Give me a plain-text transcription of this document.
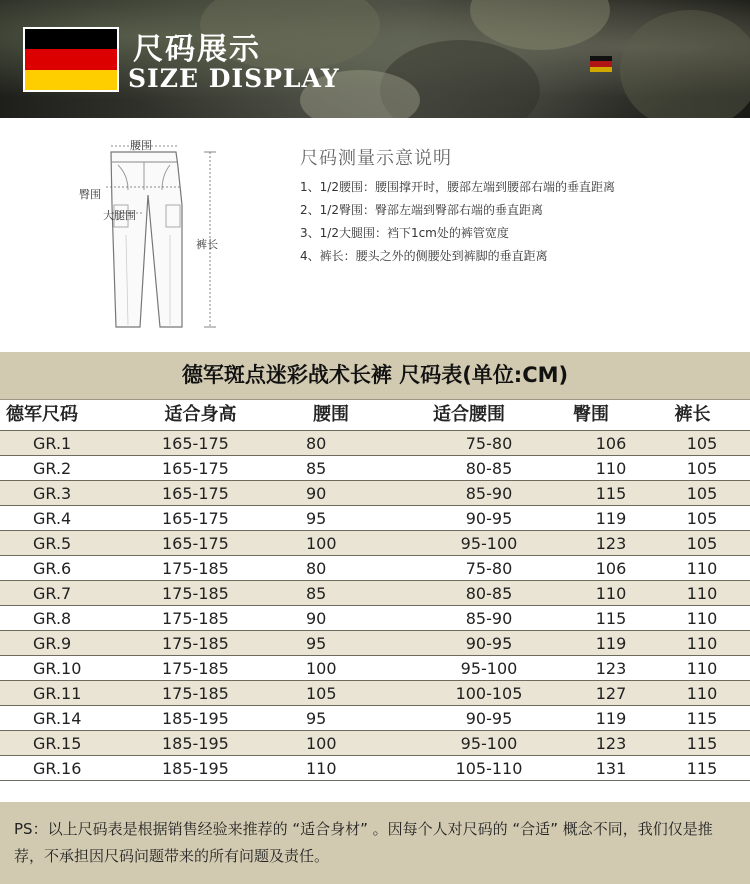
尺码展示
SIZE DISPLAY
腰围
臀围
大腿围
裤长
尺码测量示意说明
1、1/2腰围：腰围撑开时，腰部左端到腰部右端的垂直距离
2、1/2臀围：臀部左端到臀部右端的垂直距离
3、1/2大腿围：裆下1cm处的裤管宽度
4、裤长：腰头之外的侧腰处到裤脚的垂直距离
德军斑点迷彩战术长裤 尺码表(单位:CM)
德军尺码	适合身高	腰围	适合腰围	臀围	裤长
GR.1	165-175	80	75-80	106	105
GR.2	165-175	85	80-85	110	105
GR.3	165-175	90	85-90	115	105
GR.4	165-175	95	90-95	119	105
GR.5	165-175	100	95-100	123	105
GR.6	175-185	80	75-80	106	110
GR.7	175-185	85	80-85	110	110
GR.8	175-185	90	85-90	115	110
GR.9	175-185	95	90-95	119	110
GR.10	175-185	100	95-100	123	110
GR.11	175-185	105	100-105	127	110
GR.14	185-195	95	90-95	119	115
GR.15	185-195	100	95-100	123	115
GR.16	185-195	110	105-110	131	115
PS：以上尺码表是根据销售经验来推荐的 “适合身材” 。因每个人对尺码的 “合适” 概念不同，我们仅是推荐，不承担因尺码问题带来的所有问题及责任。
